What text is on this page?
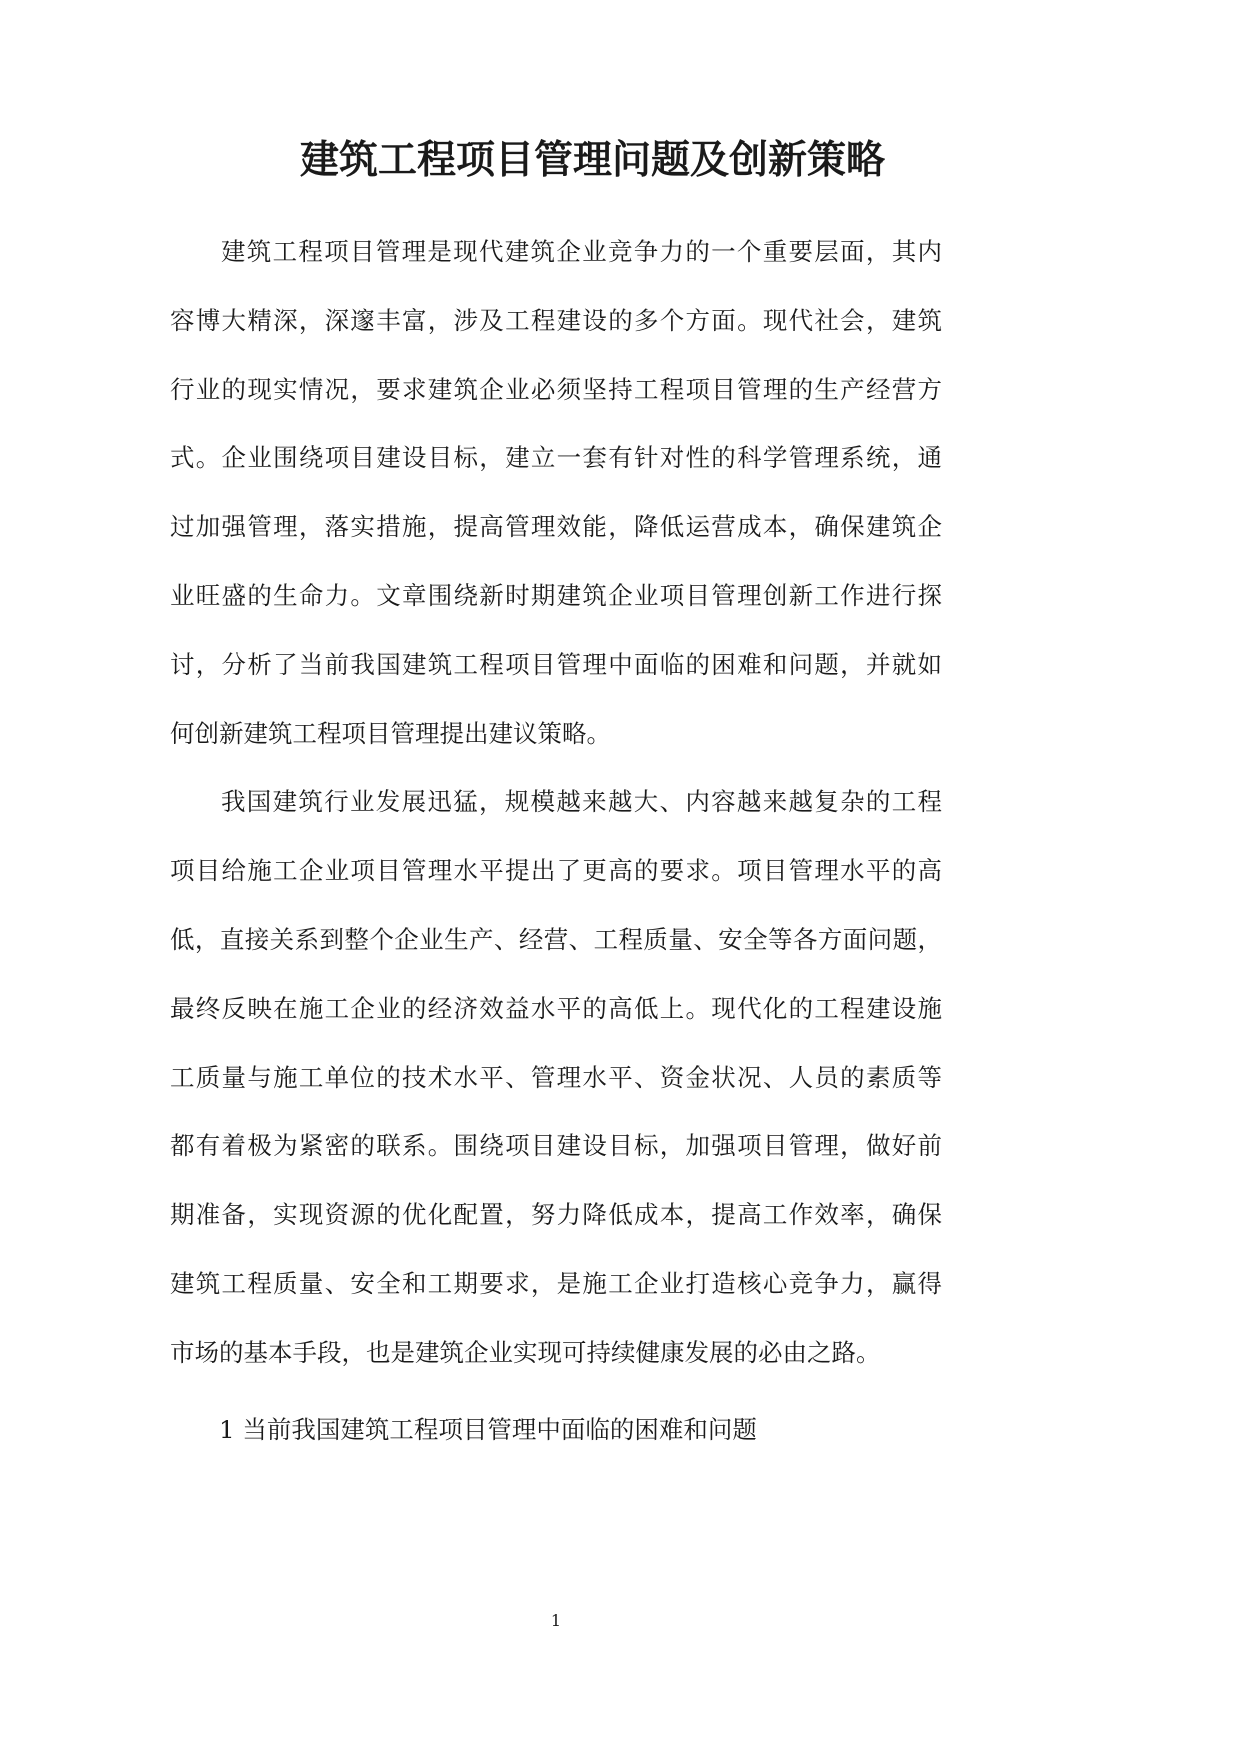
建筑工程项目管理问题及创新策略
建筑工程项目管理是现代建筑企业竞争力的一个重要层面，其内
容博大精深，深邃丰富，涉及工程建设的多个方面。现代社会，建筑
行业的现实情况，要求建筑企业必须坚持工程项目管理的生产经营方
式。企业围绕项目建设目标，建立一套有针对性的科学管理系统，通
过加强管理，落实措施，提高管理效能，降低运营成本，确保建筑企
业旺盛的生命力。文章围绕新时期建筑企业项目管理创新工作进行探
讨，分析了当前我国建筑工程项目管理中面临的困难和问题，并就如
何创新建筑工程项目管理提出建议策略。
我国建筑行业发展迅猛，规模越来越大、内容越来越复杂的工程
项目给施工企业项目管理水平提出了更高的要求。项目管理水平的高
低，直接关系到整个企业生产、经营、工程质量、安全等各方面问题，
最终反映在施工企业的经济效益水平的高低上。现代化的工程建设施
工质量与施工单位的技术水平、管理水平、资金状况、人员的素质等
都有着极为紧密的联系。围绕项目建设目标，加强项目管理，做好前
期准备，实现资源的优化配置，努力降低成本，提高工作效率，确保
建筑工程质量、安全和工期要求，是施工企业打造核心竞争力，赢得
市场的基本手段，也是建筑企业实现可持续健康发展的必由之路。
1 当前我国建筑工程项目管理中面临的困难和问题
1
